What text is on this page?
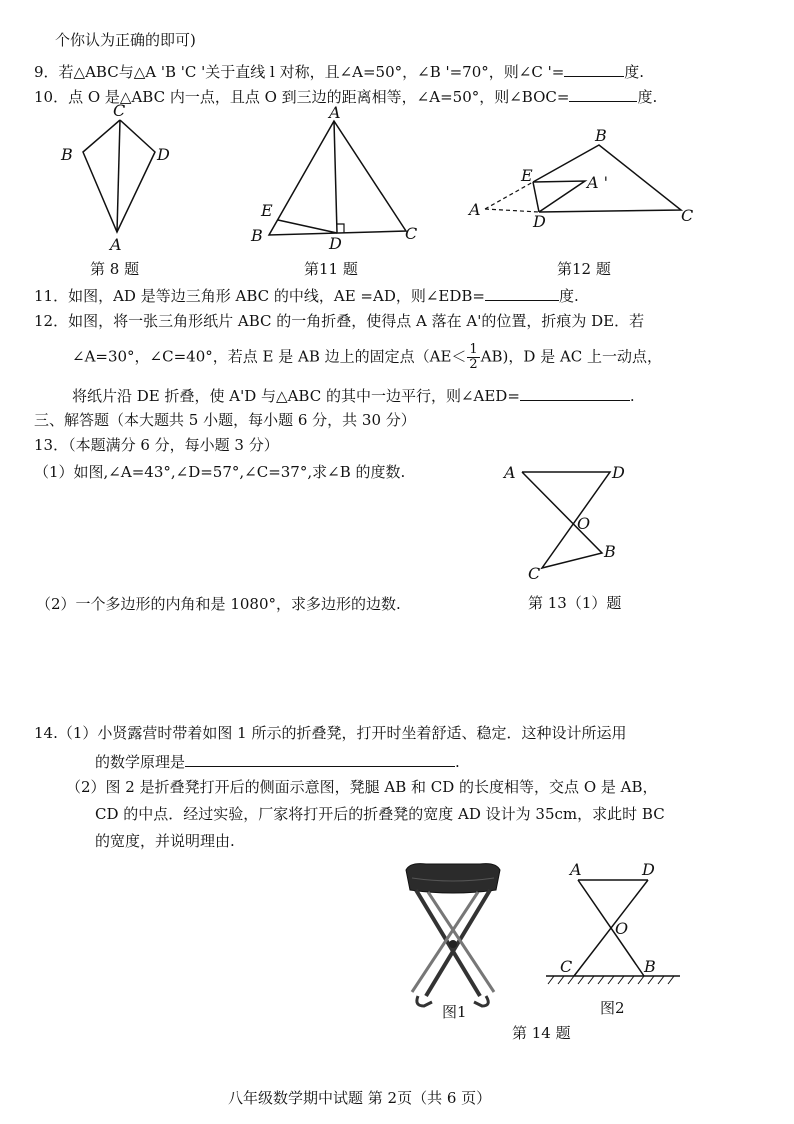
个你认为正确的即可)
9．若△ABC与△A 'B 'C '关于直线 l 对称，且∠A=50°，∠B '=70°，则∠C '=	度.
10．点 O 是△ABC 内一点，且点 O 到三边的距离相等，∠A=50°，则∠BOC=	度.
C
B	D
A
第 8 题
A
E
B	D
C
第11 题
B
E	A '
A
D	C
第12 题
11．如图，AD 是等边三角形 ABC 的中线，AE =AD，则∠EDB=	度.
12．如图，将一张三角形纸片 ABC 的一角折叠，使得点 A 落在 A'的位置，折痕为 DE．若
∠A=30°，∠C=40°，若点 E 是 AB 边上的固定点$(AE< \frac{1}{2} AB)$，D 是 AC 上一动点，
将纸片沿 DE 折叠，使 A'D 与△ABC 的其中一边平行，则∠AED=	.
三、解答题（本大题共 5 小题，每小题 6 分，共 30 分）
13．（本题满分 6 分，每小题 3 分）
（1）如图,∠A=43°,∠D=57°,∠C=37°,求∠B 的度数.	A	D
O
B
C
（2）一个多边形的内角和是 1080°，求多边形的边数.	第 13（1）题
14.（1）小贤露营时带着如图 1 所示的折叠凳，打开时坐着舒适、稳定．这种设计所运用
的数学原理是	.
（2）图 2 是折叠凳打开后的侧面示意图，凳腿 AB 和 CD 的长度相等，交点 O 是 AB，
CD 的中点．经过实验，厂家将打开后的折叠凳的宽度 AD 设计为 35cm，求此时 BC
的宽度，并说明理由.
图1
A	D
O
C	B
图2
第 14 题
八年级数学期中试题 第 2页（共 6 页）
